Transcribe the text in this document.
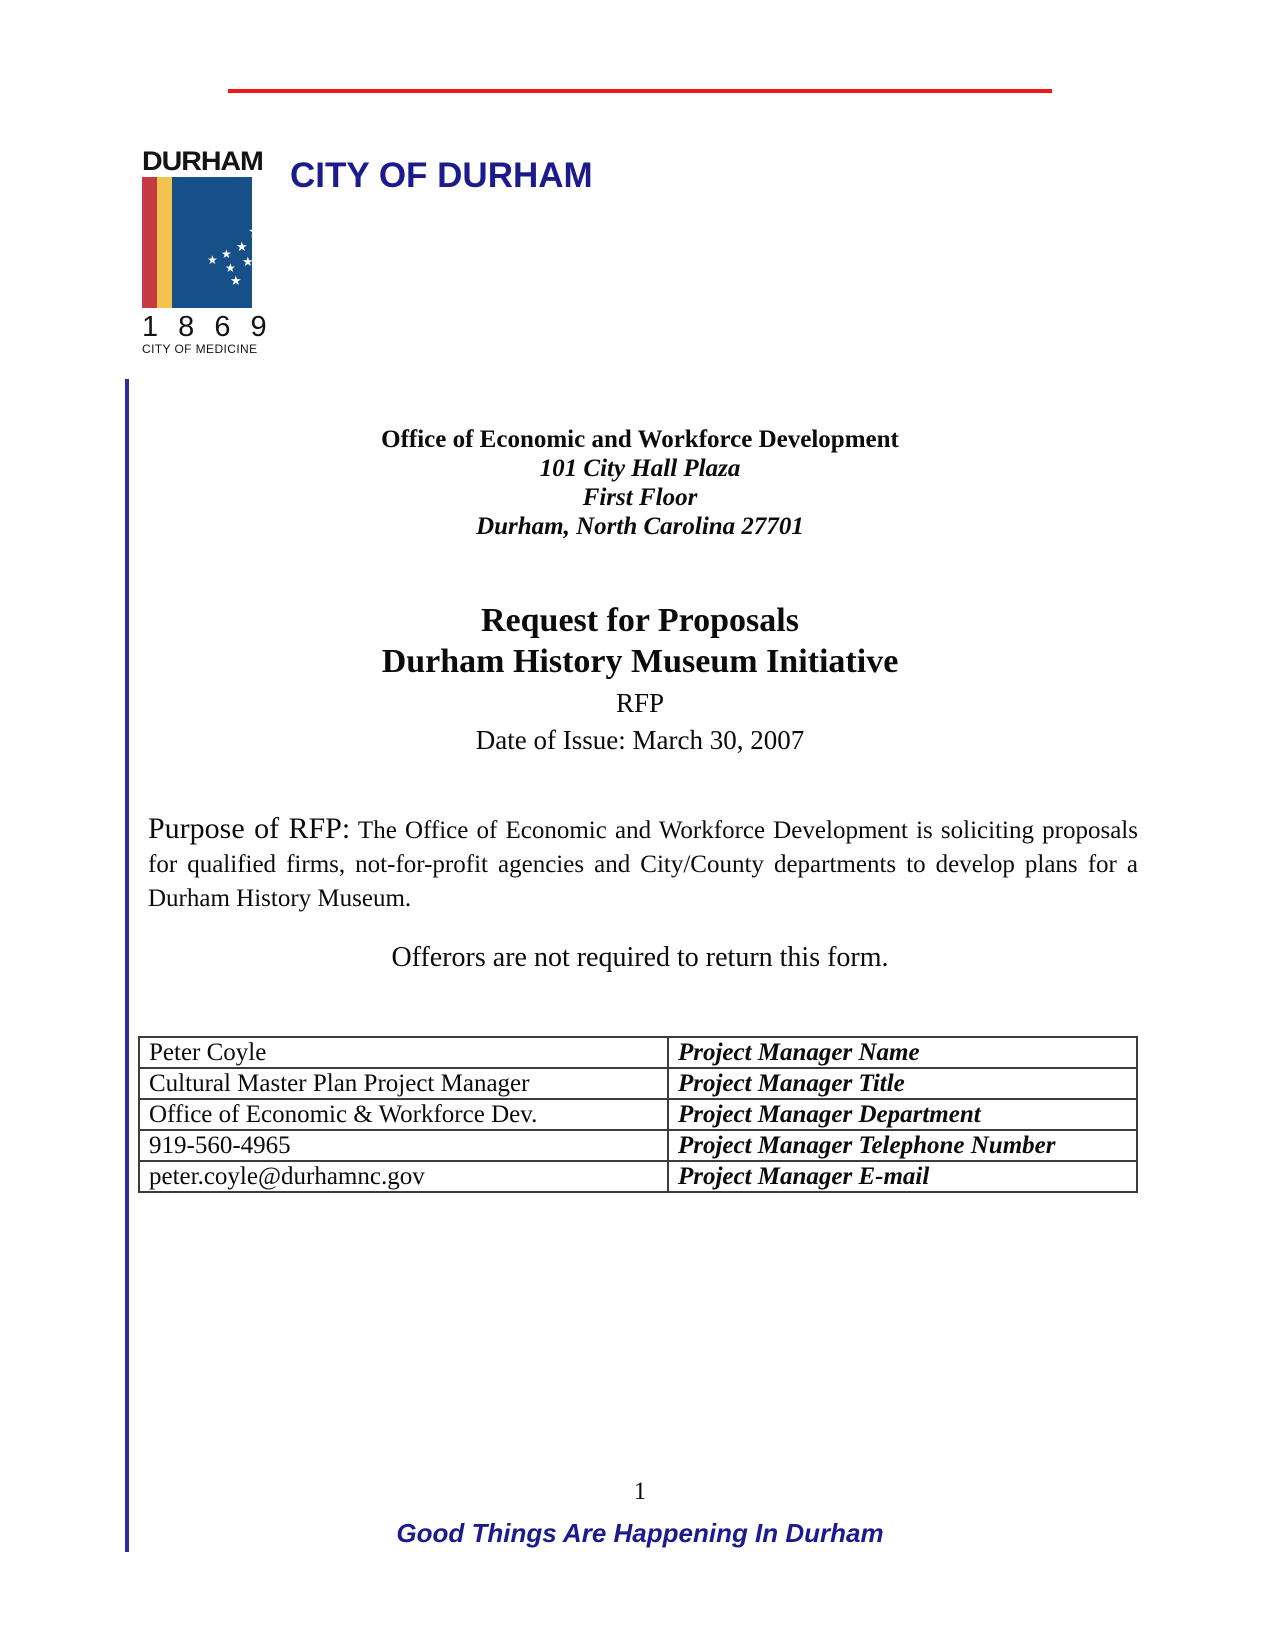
DURHAM
★
★
★
★
★
★
★
★
1 8 6 9
CITY OF MEDICINE
CITY OF DURHAM
Office of Economic and Workforce Development
101 City Hall Plaza
First Floor
Durham, North Carolina 27701
Request for Proposals
Durham History Museum Initiative
RFP
Date of Issue: March 30, 2007
Purpose of RFP: The Office of Economic and Workforce Development is soliciting proposals for qualified firms, not-for-profit agencies and City/County departments to develop plans for a Durham History Museum.
Offerors are not required to return this form.
Peter Coyle	Project Manager Name
Cultural Master Plan Project Manager	Project Manager Title
Office of Economic & Workforce Dev.	Project Manager Department
919-560-4965	Project Manager Telephone Number
peter.coyle@durhamnc.gov	Project Manager E-mail
1
Good Things Are Happening In Durham
